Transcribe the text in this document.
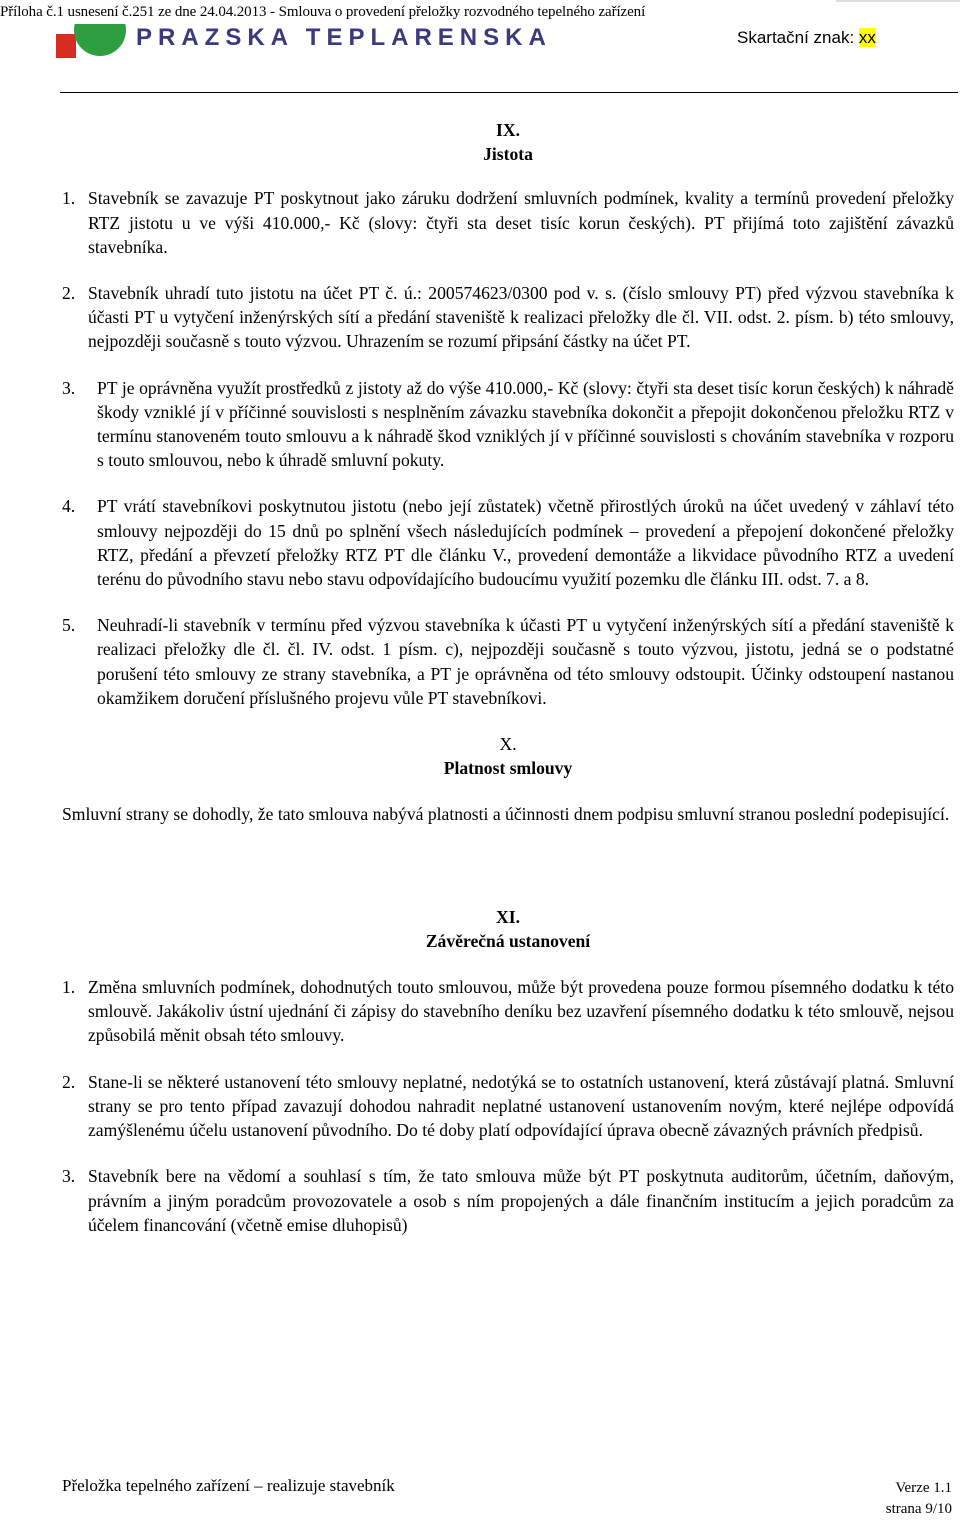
Příloha č.1 usnesení č.251 ze dne 24.04.2013 - Smlouva o provedení přeložky rozvodného tepelného zařízení
PRAZSKA TEPLARENSKA	Skartační znak: xx
IX.
Jistota
1. Stavebník se zavazuje PT poskytnout jako záruku dodržení smluvních podmínek, kvality a termínů provedení přeložky RTZ jistotu u ve výši 410.000,- Kč (slovy: čtyři sta deset tisíc korun českých). PT přijímá toto zajištění závazků stavebníka.
2. Stavebník uhradí tuto jistotu na účet PT č. ú.: 200574623/0300 pod v. s. (číslo smlouvy PT) před výzvou stavebníka k účasti PT u vytyčení inženýrských sítí a předání staveniště k realizaci přeložky dle čl. VII. odst. 2. písm. b) této smlouvy, nejpozději současně s touto výzvou. Uhrazením se rozumí připsání částky na účet PT.
3. PT je oprávněna využít prostředků z jistoty až do výše 410.000,- Kč (slovy: čtyři sta deset tisíc korun českých) k náhradě škody vzniklé jí v příčinné souvislosti s nesplněním závazku stavebníka dokončit a přepojit dokončenou přeložku RTZ v termínu stanoveném touto smlouvu a k náhradě škod vzniklých jí v příčinné souvislosti s chováním stavebníka v rozporu s touto smlouvou, nebo k úhradě smluvní pokuty.
4. PT vrátí stavebníkovi poskytnutou jistotu (nebo její zůstatek) včetně přirostlých úroků na účet uvedený v záhlaví této smlouvy nejpozději do 15 dnů po splnění všech následujících podmínek – provedení a přepojení dokončené přeložky RTZ, předání a převzetí přeložky RTZ PT dle článku V., provedení demontáže a likvidace původního RTZ a uvedení terénu do původního stavu nebo stavu odpovídajícího budoucímu využití pozemku dle článku III. odst. 7. a 8.
5. Neuhradí-li stavebník v termínu před výzvou stavebníka k účasti PT u vytyčení inženýrských sítí a předání staveniště k realizaci přeložky dle čl. čl. IV. odst. 1 písm. c), nejpozději současně s touto výzvou, jistotu, jedná se o podstatné porušení této smlouvy ze strany stavebníka, a PT je oprávněna od této smlouvy odstoupit. Účinky odstoupení nastanou okamžikem doručení příslušného projevu vůle PT stavebníkovi.
X.
Platnost smlouvy
Smluvní strany se dohodly, že tato smlouva nabývá platnosti a účinnosti dnem podpisu smluvní stranou poslední podepisující.
XI.
Závěrečná ustanovení
1. Změna smluvních podmínek, dohodnutých touto smlouvou, může být provedena pouze formou písemného dodatku k této smlouvě. Jakákoliv ústní ujednání či zápisy do stavebního deníku bez uzavření písemného dodatku k této smlouvě, nejsou způsobilá měnit obsah této smlouvy.
2. Stane-li se některé ustanovení této smlouvy neplatné, nedotýká se to ostatních ustanovení, která zůstávají platná. Smluvní strany se pro tento případ zavazují dohodou nahradit neplatné ustanovení ustanovením novým, které nejlépe odpovídá zamýšlenému účelu ustanovení původního. Do té doby platí odpovídající úprava obecně závazných právních předpisů.
3. Stavebník bere na vědomí a souhlasí s tím, že tato smlouva může být PT poskytnuta auditorům, účetním, daňovým, právním a jiným poradcům provozovatele a osob s ním propojených a dále finančním institucím a jejich poradcům za účelem financování (včetně emise dluhopisů)
Přeložka tepelného zařízení – realizuje stavebník	Verze 1.1
strana 9/10
